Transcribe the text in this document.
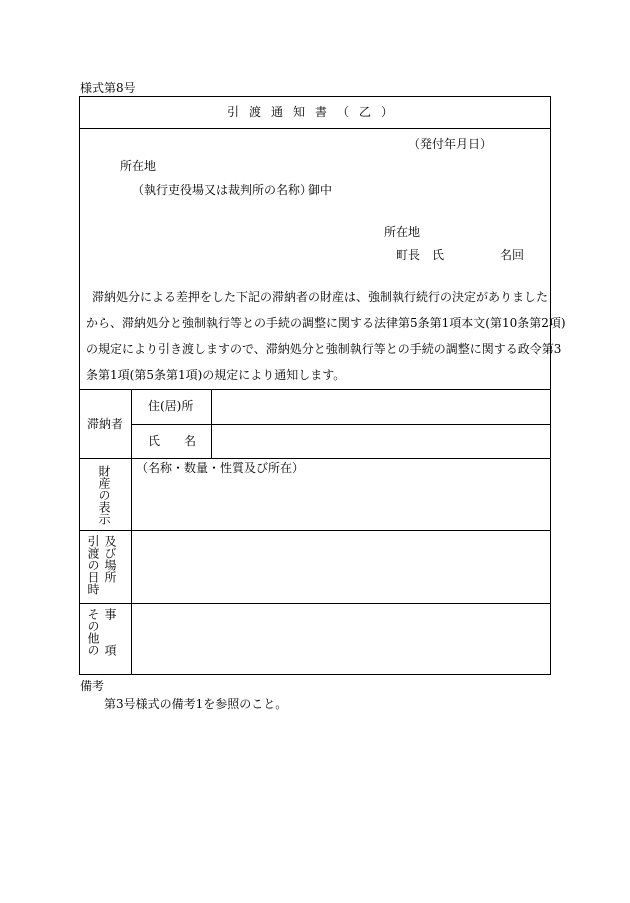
様式第8号
引渡通知書（乙）
（発付年月日）
所在地
（執行吏役場又は裁判所の名称）
御中
所在地
町長　氏	名回
滞納処分による差押をした下記の滞納者の財産は、強制執行続行の決定がありました
から、滞納処分と強制執行等との手続の調整に関する法律第5条第1項本文(第10条第2項)
の規定により引き渡しますので、滞納処分と強制執行等との手続の調整に関する政令第3
条第1項(第5条第1項)の規定により通知します。
滞納者
住(居)所
氏　　名
財産の表示 （名称・数量・性質及び所在）
引渡の日時 及び場所
その他の 事項
備考
第3号様式の備考1を参照のこと。
